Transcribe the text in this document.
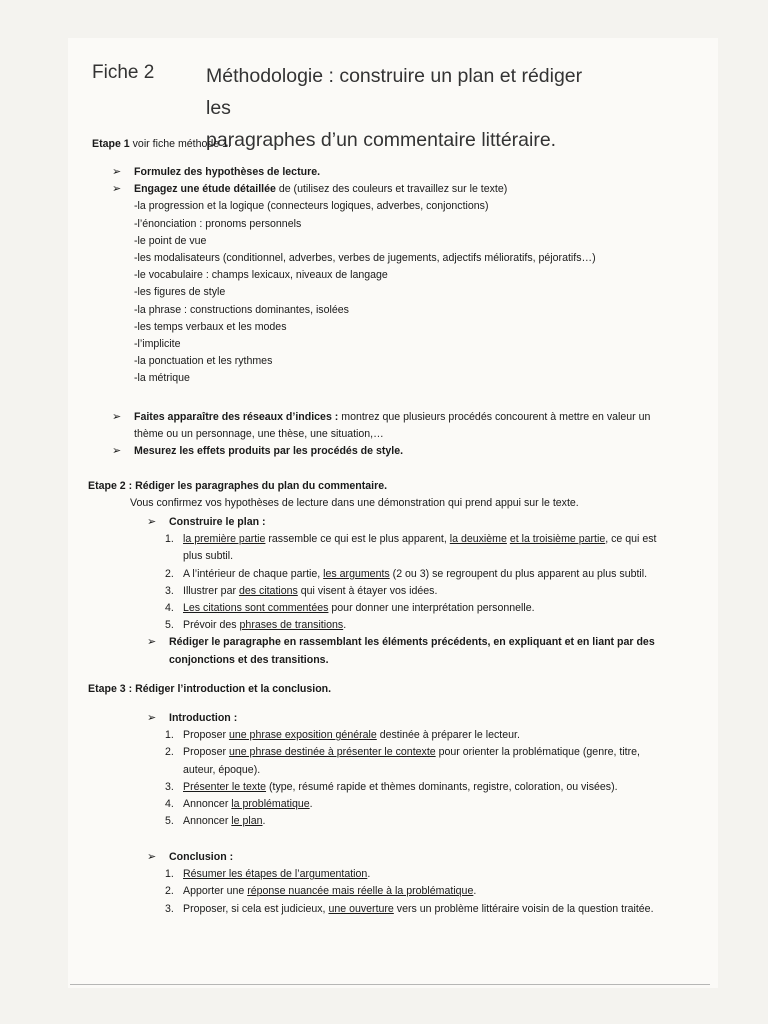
Fiche 2	Méthodologie : construire un plan et rédiger les
paragraphes d’un commentaire littéraire.
Etape 1 voir fiche méthode 1.
➢ Formulez des hypothèses de lecture.
➢ Engagez une étude détaillée de (utilisez des couleurs et travaillez sur le texte)
-la progression et la logique (connecteurs logiques, adverbes, conjonctions)
-l’énonciation : pronoms personnels
-le point de vue
-les modalisateurs (conditionnel, adverbes, verbes de jugements, adjectifs mélioratifs, péjoratifs…)
-le vocabulaire : champs lexicaux, niveaux de langage
-les figures de style
-la phrase : constructions dominantes, isolées
-les temps verbaux et les modes
-l’implicite
-la ponctuation et les rythmes
-la métrique
➢ Faites apparaître des réseaux d’indices : montrez que plusieurs procédés concourent à mettre en valeur un
thème ou un personnage, une thèse, une situation,…
➢ Mesurez les effets produits par les procédés de style.
Etape 2 : Rédiger les paragraphes du plan du commentaire.
Vous confirmez vos hypothèses de lecture dans une démonstration qui prend appui sur le texte.
➢ Construire le plan :
1. la première partie rassemble ce qui est le plus apparent, la deuxième et la troisième partie, ce qui est
plus subtil.
2. A l’intérieur de chaque partie, les arguments (2 ou 3) se regroupent du plus apparent au plus subtil.
3. Illustrer par des citations qui visent à étayer vos idées.
4. Les citations sont commentées pour donner une interprétation personnelle.
5. Prévoir des phrases de transitions.
➢ Rédiger le paragraphe en rassemblant les éléments précédents, en expliquant et en liant par des
conjonctions et des transitions.
Etape 3 : Rédiger l’introduction et la conclusion.
➢ Introduction :
1. Proposer une phrase exposition générale destinée à préparer le lecteur.
2. Proposer une phrase destinée à présenter le contexte pour orienter la problématique (genre, titre,
auteur, époque).
3. Présenter le texte (type, résumé rapide et thèmes dominants, registre, coloration, ou visées).
4. Annoncer la problématique.
5. Annoncer le plan.
➢ Conclusion :
1. Résumer les étapes de l’argumentation.
2. Apporter une réponse nuancée mais réelle à la problématique.
3. Proposer, si cela est judicieux, une ouverture vers un problème littéraire voisin de la question traitée.
